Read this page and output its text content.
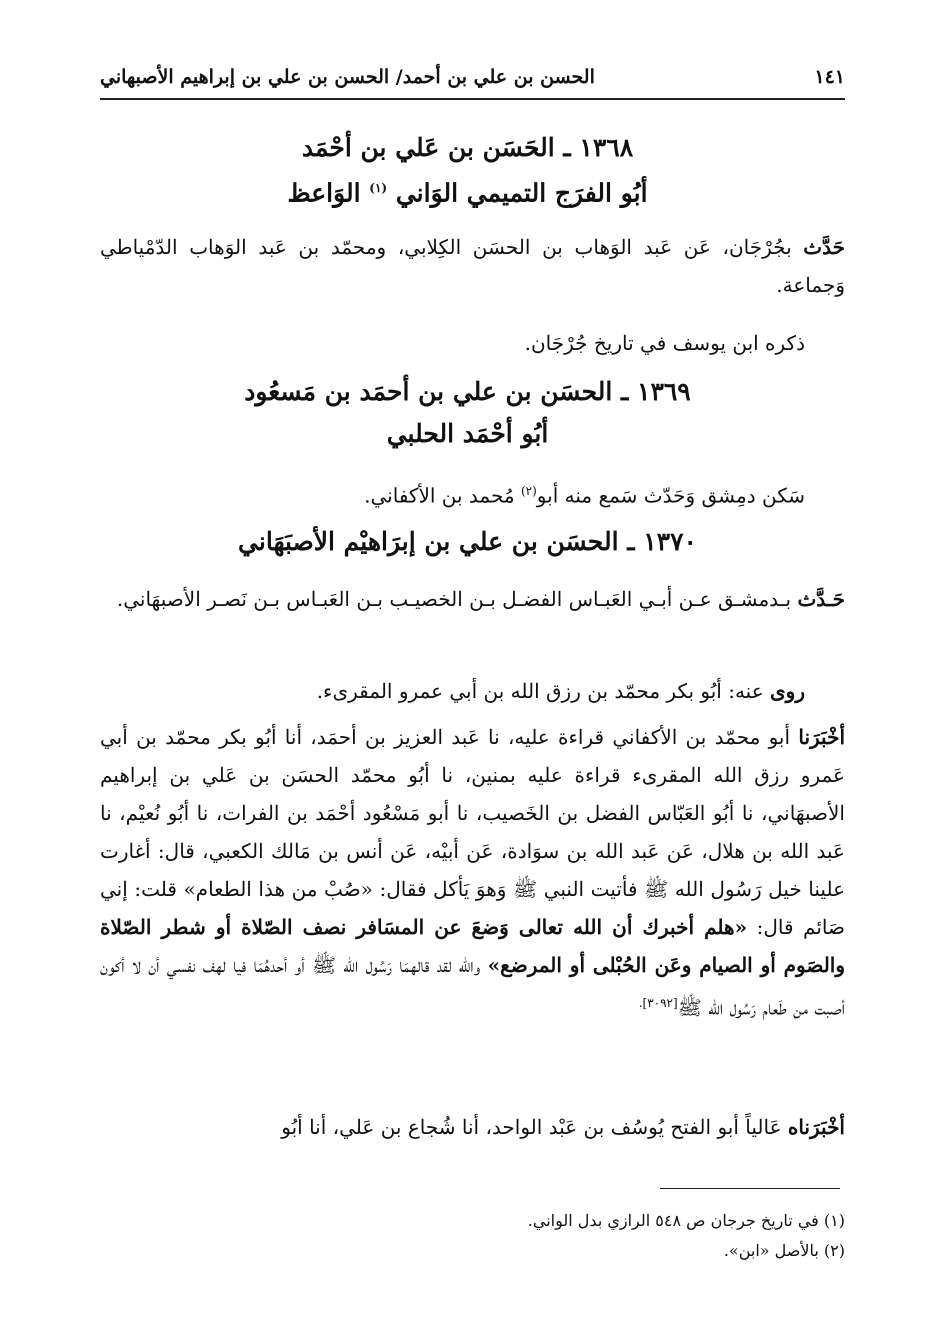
الحسن بن علي بن أحمد/ الحسن بن علي بن إبراهيم الأصبهاني	١٤١
١٣٦٨ ـ الحَسَن بن عَلي بن أحْمَد
أبُو الفرَج التميمي الوَاني $^{(١)}$ الوَاعظ
حَدَّث بجُرْجَان، عَن عَبد الوَهاب بن الحسَن الكِلابي، ومحمّد بن عَبد الوَهاب الدّمْياطي وَجماعة.
ذكره ابن يوسف في تاريخ جُرْجَان.
١٣٦٩ ـ الحسَن بن علي بن أحمَد بن مَسعُود
أبُو أحْمَد الحلبي
سَكن دمِشق وَحَدّث سَمع منه أبو$^{(٢)}$ مُحمد بن الأكفاني.
١٣٧٠ ـ الحسَن بن علي بن إبرَاهيْم الأصبَهَاني
حَـدَّث بـدمشـق عـن أبـي العَبـاس الفضـل بـن الخصيـب بـن العَبـاس بـن نَصـر الأصبهَاني.
روى عنه: أبُو بكر محمّد بن رزق الله بن أبي عمرو المقرىء.
أخْبَرَنا أبو محمّد بن الأكفاني قراءة عليه، نا عَبد العزيز بن أحمَد، أنا أبُو بكر محمّد بن أبي عَمرو رزق الله المقرىء قراءة عليه بمنين، نا أبُو محمّد الحسَن بن عَلي بن إبراهيم الأصبهَاني، نا أبُو العَبّاس الفضل بن الخَصيب، نا أبو مَسْعُود أحْمَد بن الفرات، نا أبُو نُعيْم، نا عَبد الله بن هلال، عَن عَبد الله بن سوَادة، عَن أبيْه، عَن أنس بن مَالك الكعبي، قال: أغارت علينا خيل رَسُول الله ﷺ فأتيت النبي ﷺ وَهوَ يَأكل فقال: «صُبْ من هذا الطعام» قلت: إني صَائم قال: «هلم أخبرك أن الله تعالى وَضعَ عن المسَافر نصف الصّلاة أو شطر الصّلاة والصَوم أو الصيام وعَن الحُبْلى أو المرضع» والله لقد قالهمَا رَسُول الله ﷺ أو أحدهُمَا فيا لهف نفسي أن لا أكون أصبت من طَعام رَسُول الله ﷺ$^{[٣٠٩٢].}$
أخْبَرَناه عَالياً أبو الفتح يُوسُف بن عَبْد الواحد، أنا شُجاع بن عَلي، أنا أبُو
(١) في تاريخ جرجان ص ٥٤٨ الرازي بدل الواني.
(٢) بالأصل «ابن».
